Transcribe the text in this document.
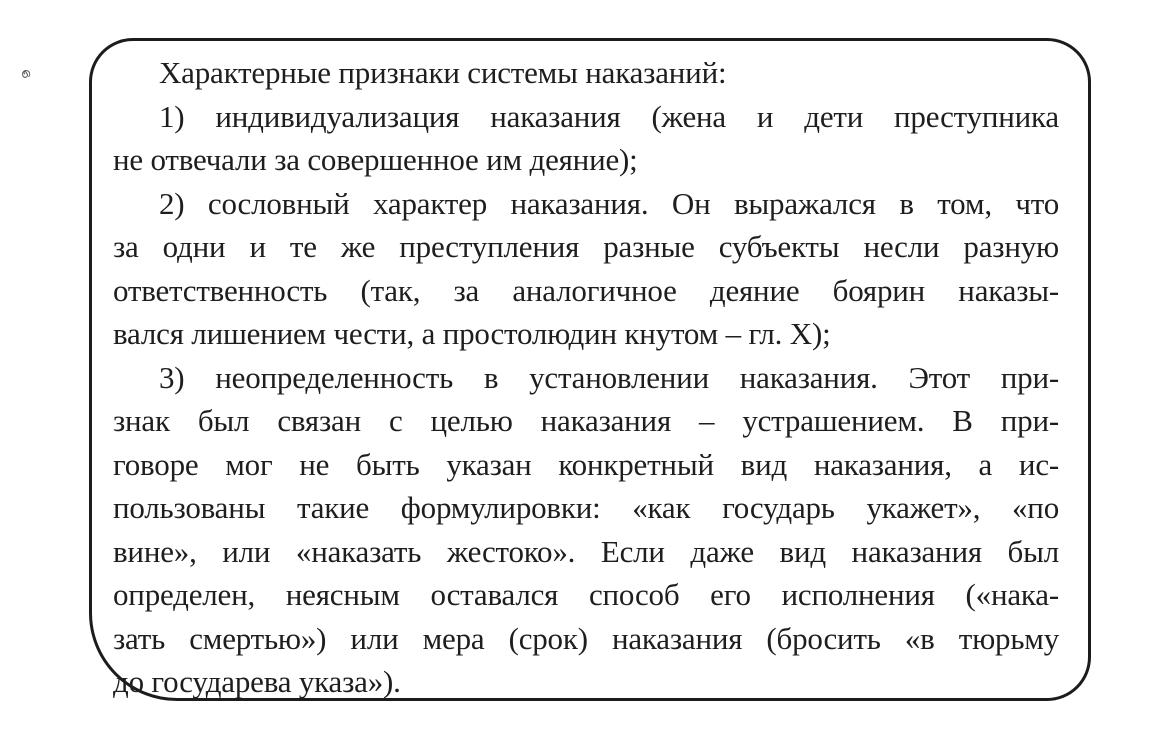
Характерные признаки системы наказаний:
1) индивидуализация наказания (жена и дети преступника
не отвечали за совершенное им деяние);
2) сословный характер наказания. Он выражался в том, что
за одни и те же преступления разные субъекты несли разную
ответственность (так, за аналогичное деяние боярин наказы-
вался лишением чести, а простолюдин кнутом – гл. X);
3) неопределенность в установлении наказания. Этот при-
знак был связан с целью наказания – устрашением. В при-
говоре мог не быть указан конкретный вид наказания, а ис-
пользованы такие формулировки: «как государь укажет», «по
вине», или «наказать жестоко». Если даже вид наказания был
определен, неясным оставался способ его исполнения («нака-
зать смертью») или мера (срок) наказания (бросить «в тюрьму
до государева указа»).
